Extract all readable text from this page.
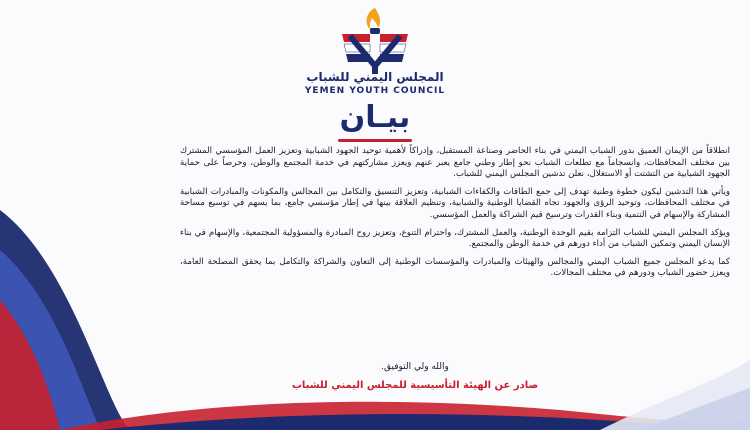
المجلس اليمني للشباب
YEMEN YOUTH COUNCIL
بيـان

انطلاقاً من الإيمان العميق بدور الشباب اليمني في بناء الحاضر وصناعة المستقبل، وإدراكاً لأهمية توحيد الجهود الشبابية وتعزيز العمل المؤسسي المشترك بين مختلف المحافظات، وانسجاماً مع تطلعات الشباب نحو إطار وطني جامع يعبر عنهم ويعزز مشاركتهم في خدمة المجتمع والوطن، وحرصاً على حماية الجهود الشبابية من التشتت أو الاستغلال، نعلن تدشين المجلس اليمني للشباب.

ويأتي هذا التدشين ليكون خطوة وطنية تهدف إلى جمع الطاقات والكفاءات الشبابية، وتعزيز التنسيق والتكامل بين المجالس والمكونات والمبادرات الشبابية في مختلف المحافظات، وتوحيد الرؤى والجهود تجاه القضايا الوطنية والشبابية، وتنظيم العلاقة بينها في إطار مؤسسي جامع، بما يسهم في توسيع مساحة المشاركة والإسهام في التنمية وبناء القدرات وترسيخ قيم الشراكة والعمل المؤسسي.

ويؤكد المجلس اليمني للشباب التزامه بقيم الوحدة الوطنية، والعمل المشترك، واحترام التنوع، وتعزيز روح المبادرة والمسؤولية المجتمعية، والإسهام في بناء الإنسان اليمني وتمكين الشباب من أداء دورهم في خدمة الوطن والمجتمع.

كما يدعو المجلس جميع الشباب اليمني والمجالس والهيئات والمبادرات والمؤسسات الوطنية إلى التعاون والشراكة والتكامل بما يحقق المصلحة العامة، ويعزز حضور الشباب ودورهم في مختلف المجالات.

والله ولي التوفيق.
صادر عن الهيئة التأسيسية للمجلس اليمني للشباب
